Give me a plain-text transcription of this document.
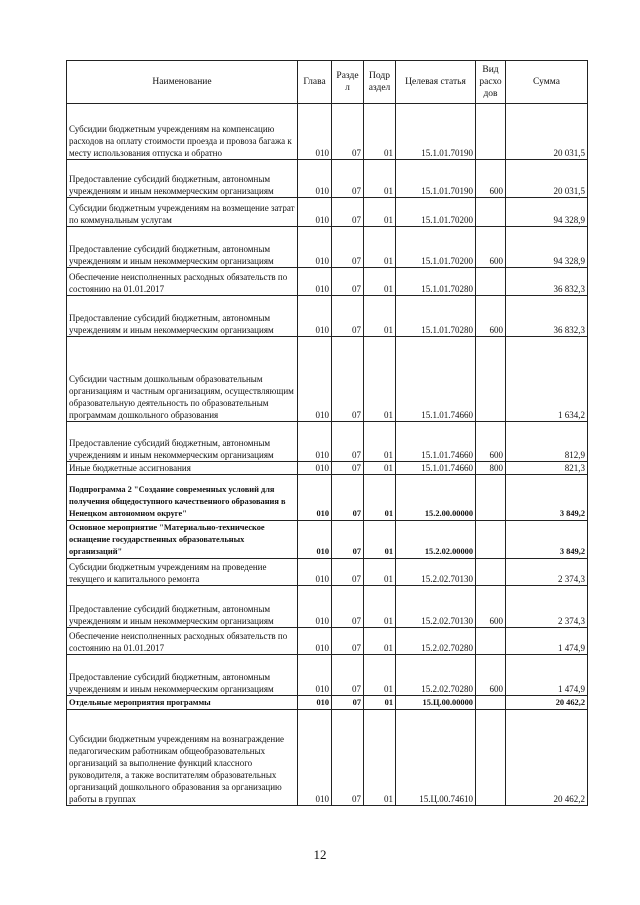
Наименование	Глава	Разде л	Подр аздел	Целевая статья	Вид расхо дов	Сумма
Субсидии бюджетным учреждениям на компенсацию расходов на оплату стоимости проезда и провоза багажа к месту использования отпуска и обратно	010	07	01	15.1.01.70190		20 031,5
Предоставление субсидий бюджетным, автономным учреждениям и иным некоммерческим организациям	010	07	01	15.1.01.70190	600	20 031,5
Субсидии бюджетным учреждениям на возмещение затрат по коммунальным услугам	010	07	01	15.1.01.70200		94 328,9
Предоставление субсидий бюджетным, автономным учреждениям и иным некоммерческим организациям	010	07	01	15.1.01.70200	600	94 328,9
Обеспечение неисполненных расходных обязательств по состоянию на 01.01.2017	010	07	01	15.1.01.70280		36 832,3
Предоставление субсидий бюджетным, автономным учреждениям и иным некоммерческим организациям	010	07	01	15.1.01.70280	600	36 832,3
Субсидии частным дошкольным образовательным организациям и частным организациям, осуществляющим образовательную деятельность по образовательным программам дошкольного образования	010	07	01	15.1.01.74660		1 634,2
Предоставление субсидий бюджетным, автономным учреждениям и иным некоммерческим организациям	010	07	01	15.1.01.74660	600	812,9
Иные бюджетные ассигнования	010	07	01	15.1.01.74660	800	821,3
Подпрограмма 2 "Создание современных условий для получения общедоступного качественного образования в Ненецком автономном округе"	010	07	01	15.2.00.00000		3 849,2
Основное мероприятие "Материально-техническое оснащение государственных образовательных организаций"	010	07	01	15.2.02.00000		3 849,2
Субсидии бюджетным учреждениям на проведение текущего и капитального ремонта	010	07	01	15.2.02.70130		2 374,3
Предоставление субсидий бюджетным, автономным учреждениям и иным некоммерческим организациям	010	07	01	15.2.02.70130	600	2 374,3
Обеспечение неисполненных расходных обязательств по состоянию на 01.01.2017	010	07	01	15.2.02.70280		1 474,9
Предоставление субсидий бюджетным, автономным учреждениям и иным некоммерческим организациям	010	07	01	15.2.02.70280	600	1 474,9
Отдельные мероприятия программы	010	07	01	15.Ц.00.00000		20 462,2
Субсидии бюджетным учреждениям на вознаграждение педагогическим работникам общеобразовательных организаций за выполнение функций классного руководителя, а также воспитателям образовательных организаций дошкольного образования за организацию работы в группах	010	07	01	15.Ц.00.74610		20 462,2
12
